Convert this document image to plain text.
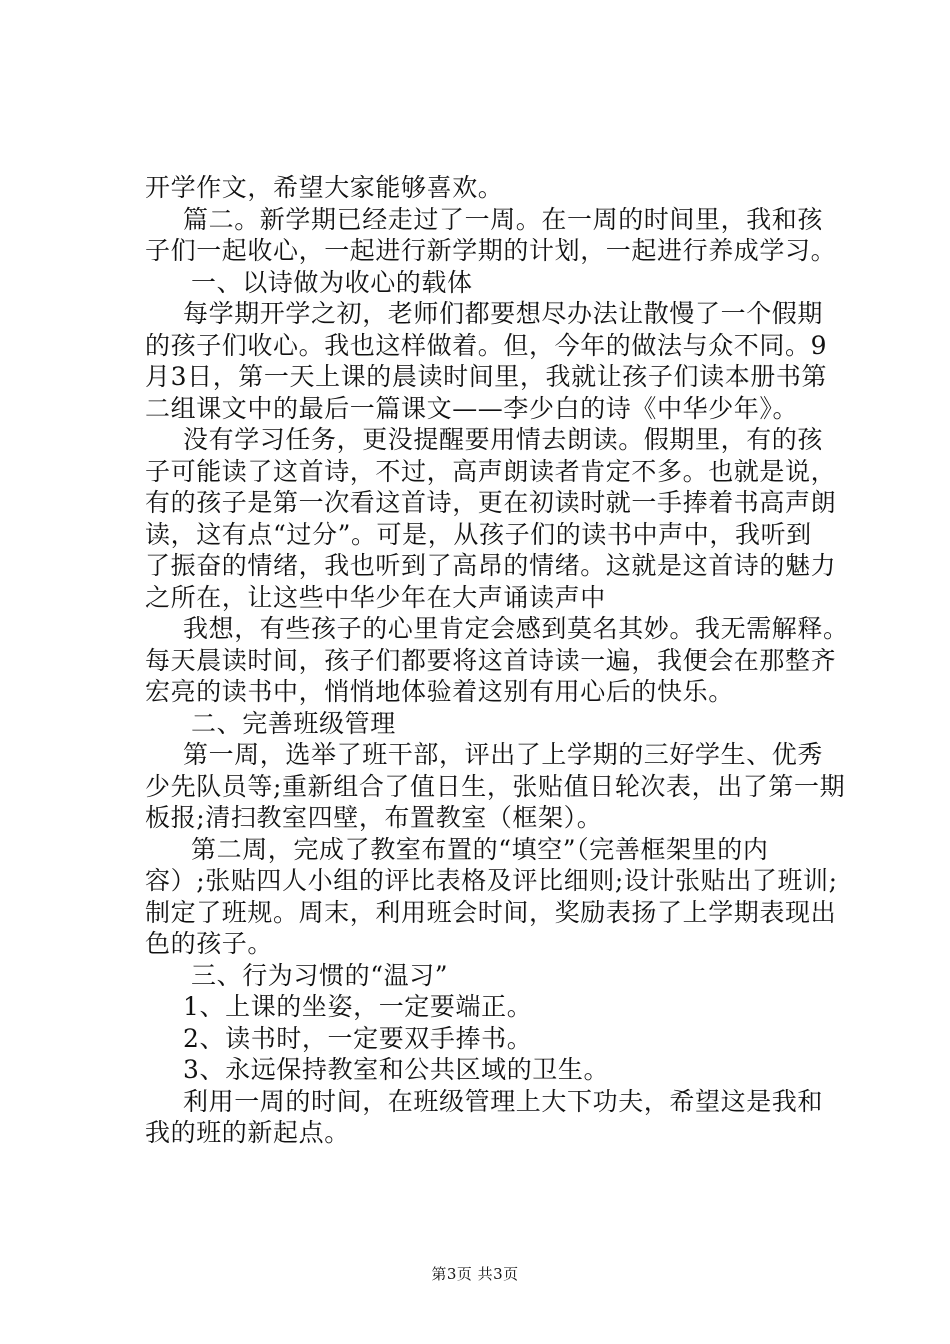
开学作文，希望大家能够喜欢。
篇二。新学期已经走过了一周。在一周的时间里，我和孩
子们一起收心，一起进行新学期的计划，一起进行养成学习。
一、以诗做为收心的载体
每学期开学之初，老师们都要想尽办法让散慢了一个假期
的孩子们收心。我也这样做着。但，今年的做法与众不同。9
月3日，第一天上课的晨读时间里，我就让孩子们读本册书第
二组课文中的最后一篇课文——李少白的诗《中华少年》。
没有学习任务，更没提醒要用情去朗读。假期里，有的孩
子可能读了这首诗，不过，高声朗读者肯定不多。也就是说，
有的孩子是第一次看这首诗，更在初读时就一手捧着书高声朗
读，这有点“过分”。可是，从孩子们的读书中声中，我听到
了振奋的情绪，我也听到了高昂的情绪。这就是这首诗的魅力
之所在，让这些中华少年在大声诵读声中
我想，有些孩子的心里肯定会感到莫名其妙。我无需解释。
每天晨读时间，孩子们都要将这首诗读一遍，我便会在那整齐
宏亮的读书中，悄悄地体验着这别有用心后的快乐。
二、完善班级管理
第一周，选举了班干部，评出了上学期的三好学生、优秀
少先队员等;重新组合了值日生，张贴值日轮次表，出了第一期
板报;清扫教室四壁，布置教室（框架）。
第二周，完成了教室布置的“填空”（完善框架里的内
容）;张贴四人小组的评比表格及评比细则;设计张贴出了班训;
制定了班规。周末，利用班会时间，奖励表扬了上学期表现出
色的孩子。
三、行为习惯的“温习”
1、上课的坐姿，一定要端正。
2、读书时，一定要双手捧书。
3、永远保持教室和公共区域的卫生。
利用一周的时间，在班级管理上大下功夫，希望这是我和
我的班的新起点。
第3页 共3页
